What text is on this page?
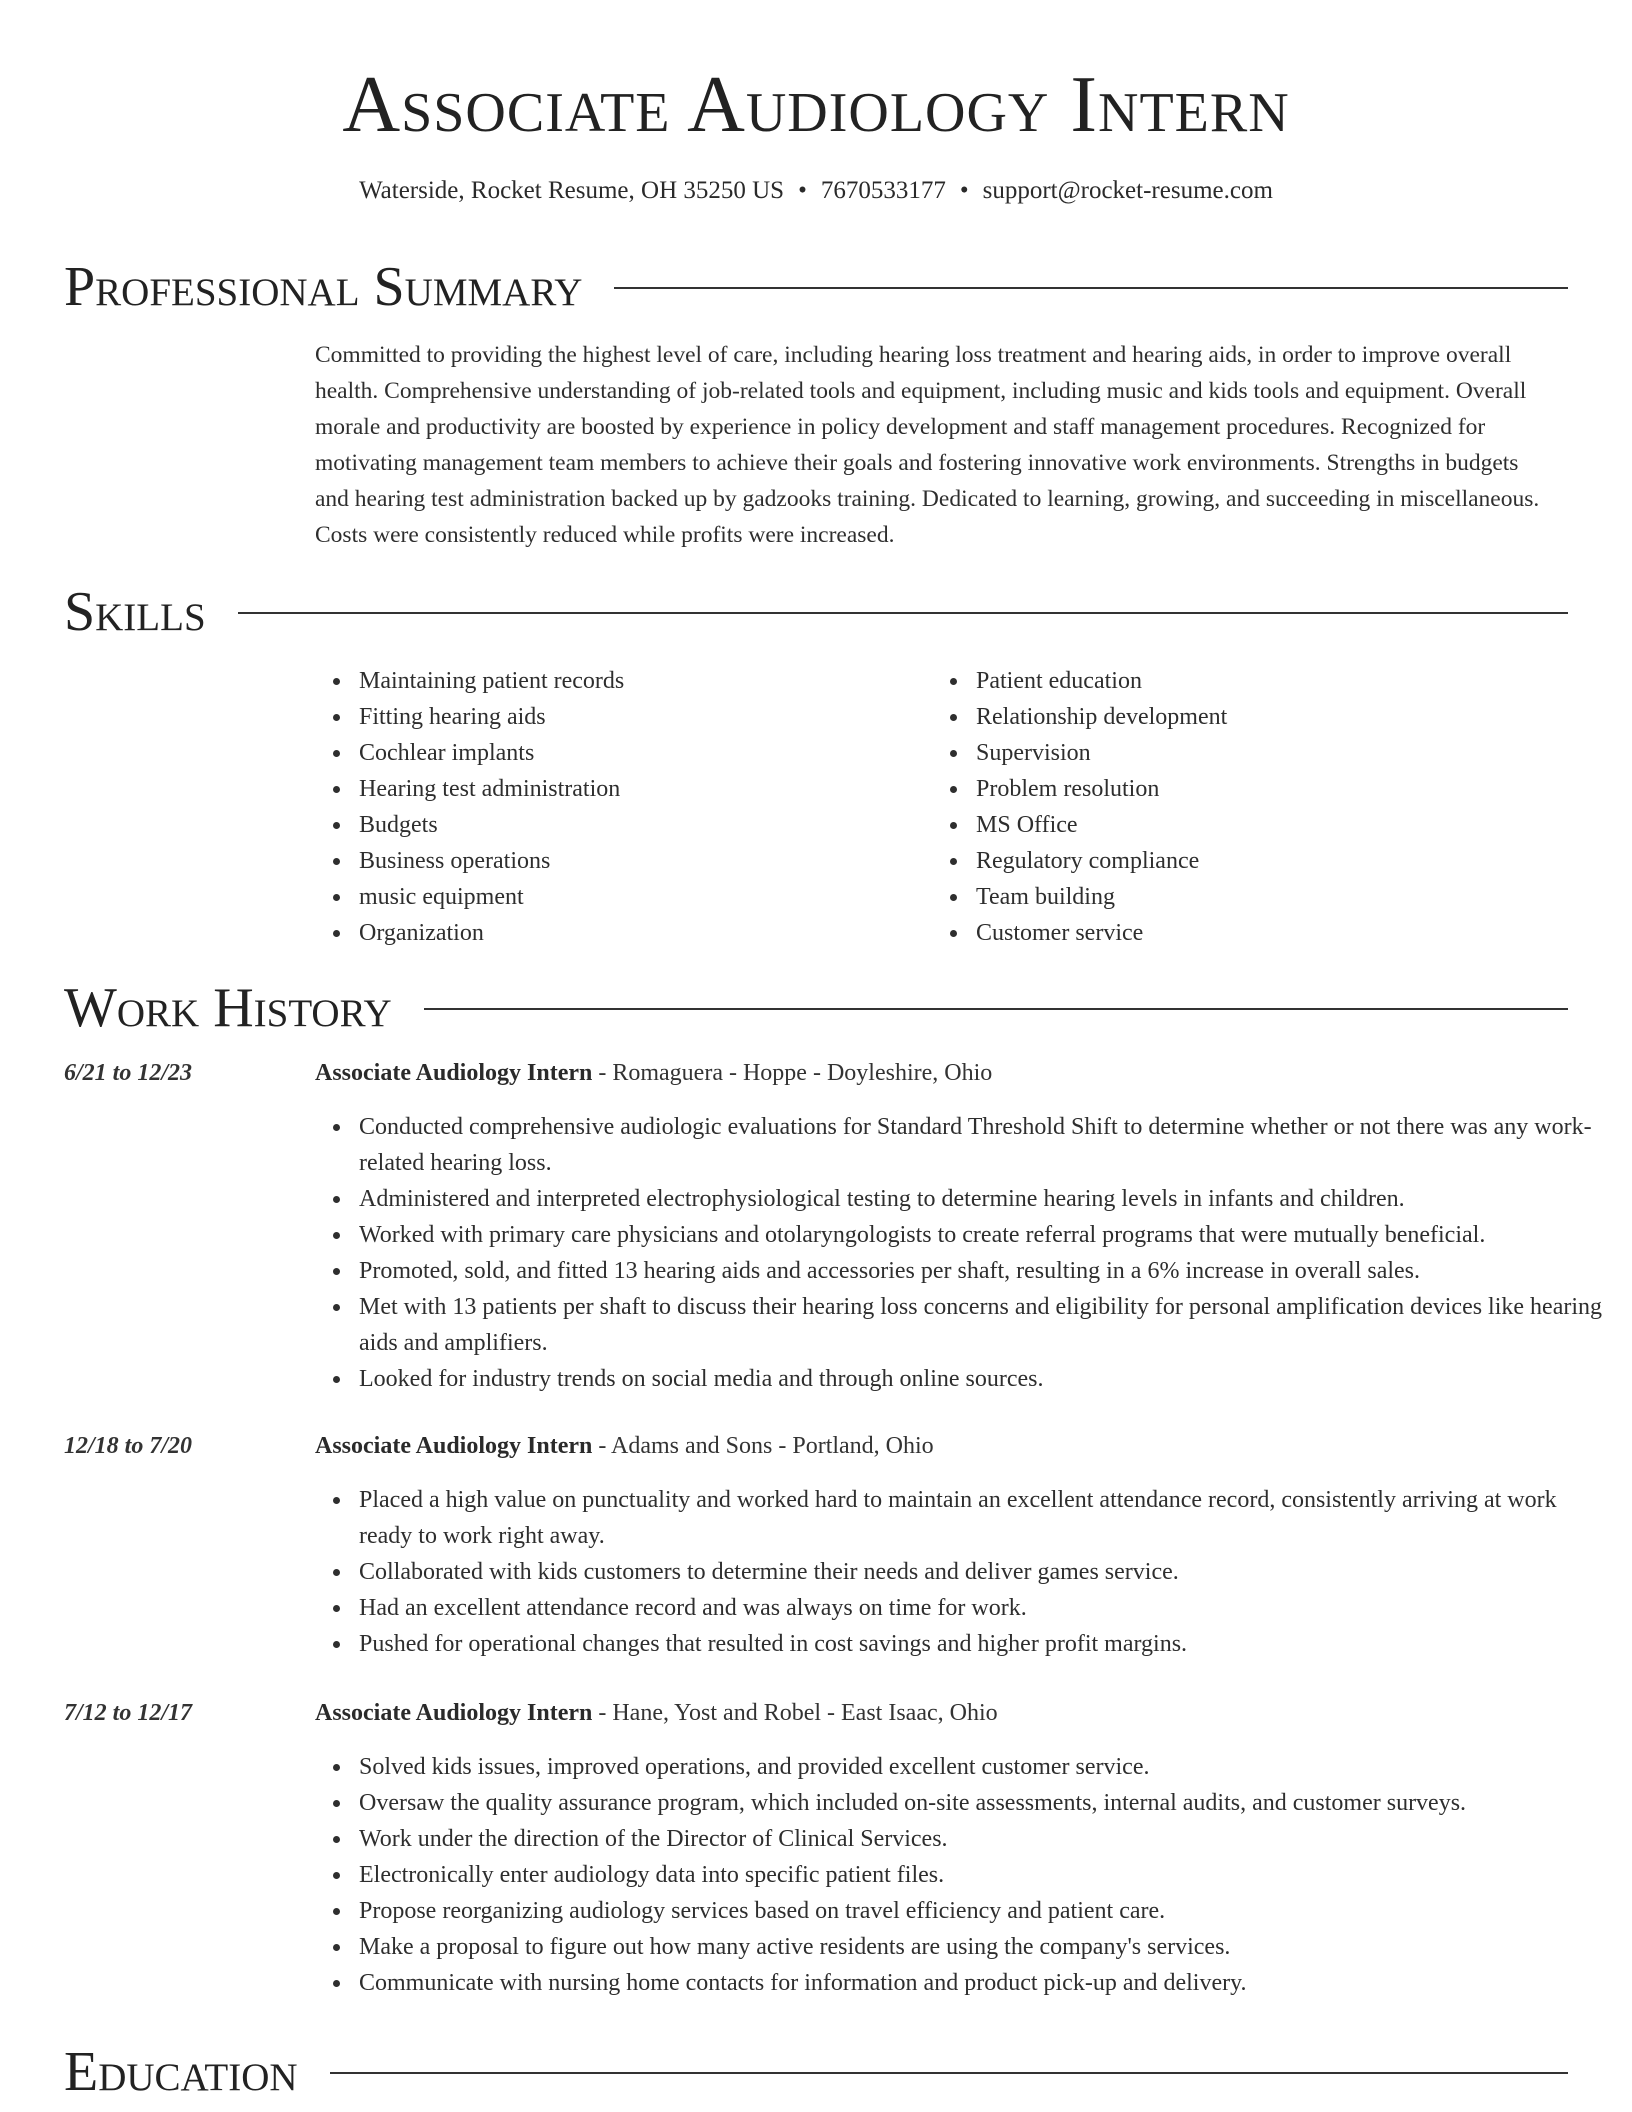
Associate Audiology Intern
Waterside, Rocket Resume, OH 35250 US • 7670533177 • support@rocket-resume.com
Professional Summary

Committed to providing the highest level of care, including hearing loss treatment and hearing aids, in order to improve overall health. Comprehensive understanding of job-related tools and equipment, including music and kids tools and equipment. Overall morale and productivity are boosted by experience in policy development and staff management procedures. Recognized for motivating management team members to achieve their goals and fostering innovative work environments. Strengths in budgets and hearing test administration backed up by gadzooks training. Dedicated to learning, growing, and succeeding in miscellaneous. Costs were consistently reduced while profits were increased.

Skills
Maintaining patient records
Fitting hearing aids
Cochlear implants
Hearing test administration
Budgets
Business operations
music equipment
Organization
Patient education
Relationship development
Supervision
Problem resolution
MS Office
Regulatory compliance
Team building
Customer service
Work History
6/21 to 12/23	Associate Audiology Intern - Romaguera - Hoppe - Doyleshire, Ohio
Conducted comprehensive audiologic evaluations for Standard Threshold Shift to determine whether or not there was any work-related hearing loss.
Administered and interpreted electrophysiological testing to determine hearing levels in infants and children.
Worked with primary care physicians and otolaryngologists to create referral programs that were mutually beneficial.
Promoted, sold, and fitted 13 hearing aids and accessories per shaft, resulting in a 6% increase in overall sales.
Met with 13 patients per shaft to discuss their hearing loss concerns and eligibility for personal amplification devices like hearing aids and amplifiers.
Looked for industry trends on social media and through online sources.
12/18 to 7/20	Associate Audiology Intern - Adams and Sons - Portland, Ohio
Placed a high value on punctuality and worked hard to maintain an excellent attendance record, consistently arriving at work ready to work right away.
Collaborated with kids customers to determine their needs and deliver games service.
Had an excellent attendance record and was always on time for work.
Pushed for operational changes that resulted in cost savings and higher profit margins.
7/12 to 12/17	Associate Audiology Intern - Hane, Yost and Robel - East Isaac, Ohio
Solved kids issues, improved operations, and provided excellent customer service.
Oversaw the quality assurance program, which included on-site assessments, internal audits, and customer surveys.
Work under the direction of the Director of Clinical Services.
Electronically enter audiology data into specific patient files.
Propose reorganizing audiology services based on travel efficiency and patient care.
Make a proposal to figure out how many active residents are using the company's services.
Communicate with nursing home contacts for information and product pick-up and delivery.
Education
